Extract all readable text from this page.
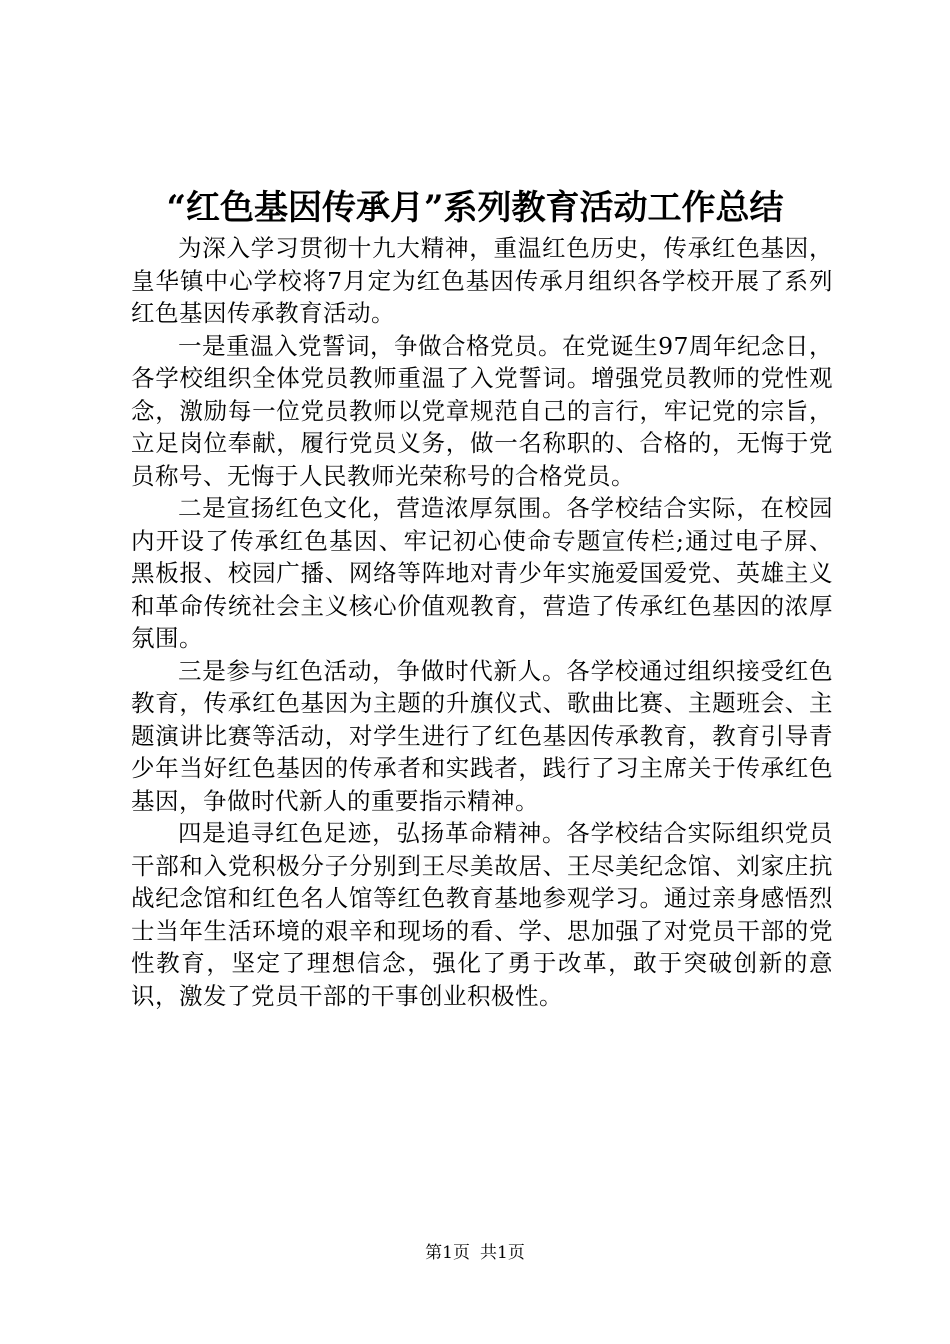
“红色基因传承月”系列教育活动工作总结

为深入学习贯彻十九大精神，重温红色历史，传承红色基因，皇华镇中心学校将7月定为红色基因传承月组织各学校开展了系列红色基因传承教育活动。

一是重温入党誓词，争做合格党员。在党诞生97周年纪念日，各学校组织全体党员教师重温了入党誓词。增强党员教师的党性观念，激励每一位党员教师以党章规范自己的言行，牢记党的宗旨，立足岗位奉献，履行党员义务，做一名称职的、合格的，无悔于党员称号、无悔于人民教师光荣称号的合格党员。

二是宣扬红色文化，营造浓厚氛围。各学校结合实际，在校园内开设了传承红色基因、牢记初心使命专题宣传栏;通过电子屏、黑板报、校园广播、网络等阵地对青少年实施爱国爱党、英雄主义和革命传统社会主义核心价值观教育，营造了传承红色基因的浓厚氛围。

三是参与红色活动，争做时代新人。各学校通过组织接受红色教育，传承红色基因为主题的升旗仪式、歌曲比赛、主题班会、主题演讲比赛等活动，对学生进行了红色基因传承教育，教育引导青少年当好红色基因的传承者和实践者，践行了习主席关于传承红色基因，争做时代新人的重要指示精神。

四是追寻红色足迹，弘扬革命精神。各学校结合实际组织党员干部和入党积极分子分别到王尽美故居、王尽美纪念馆、刘家庄抗战纪念馆和红色名人馆等红色教育基地参观学习。通过亲身感悟烈士当年生活环境的艰辛和现场的看、学、思加强了对党员干部的党性教育，坚定了理想信念，强化了勇于改革，敢于突破创新的意识，激发了党员干部的干事创业积极性。

第1页 共1页
